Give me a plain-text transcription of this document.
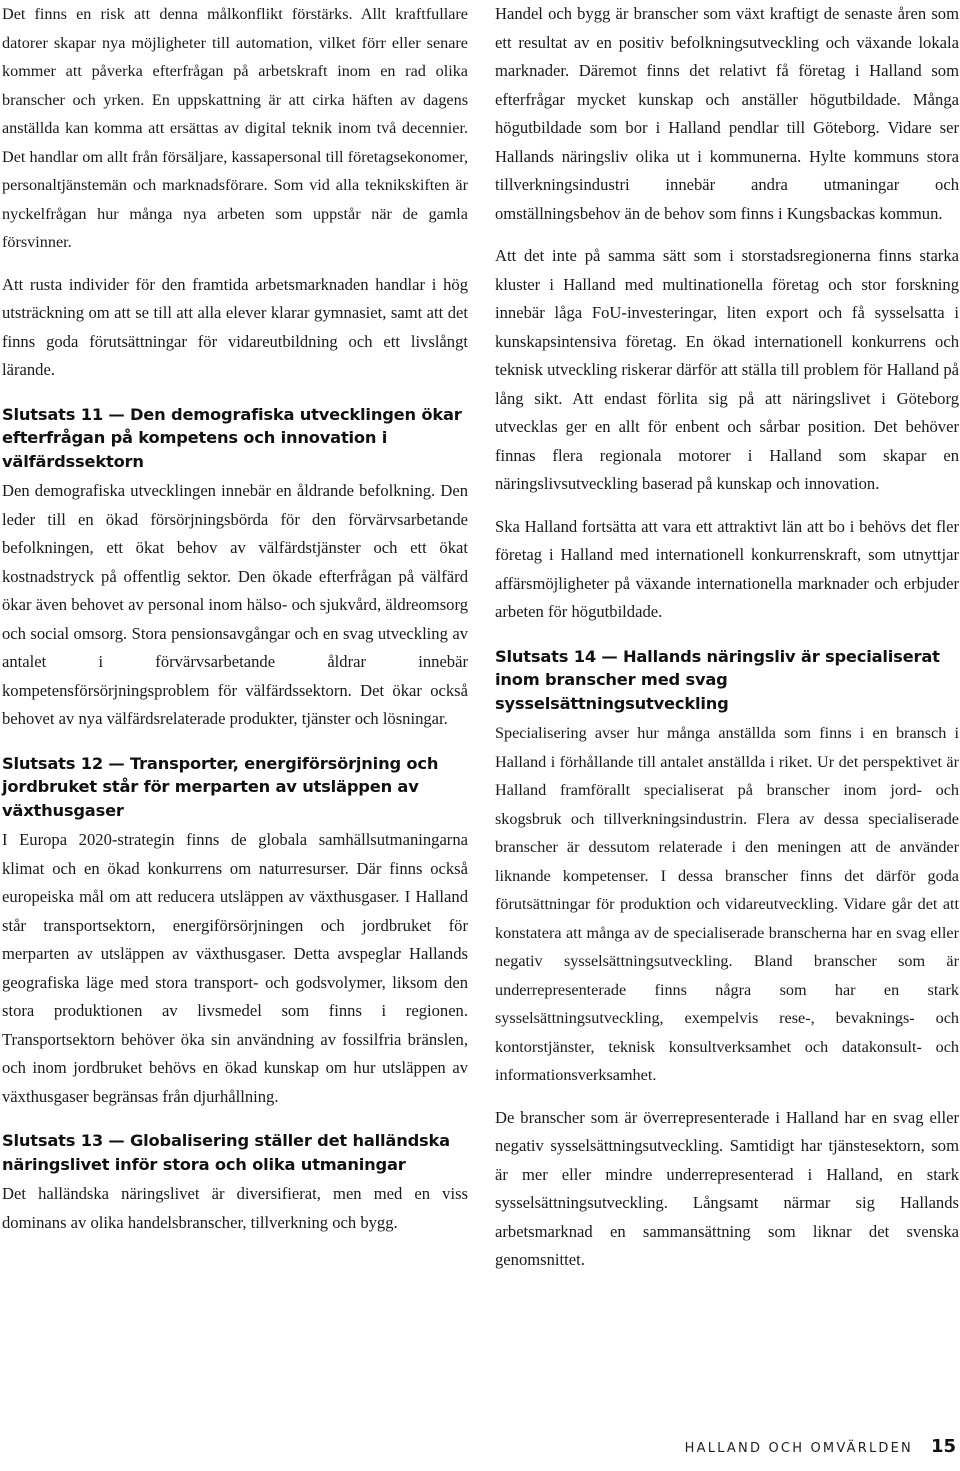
Det finns en risk att denna målkonflikt förstärks. Allt kraftfullare datorer skapar nya möjligheter till automation, vilket förr eller senare kommer att påverka efterfrågan på arbetskraft inom en rad olika branscher och yrken. En uppskattning är att cirka häften av dagens anställda kan komma att ersättas av digital teknik inom två decennier. Det handlar om allt från försäljare, kassapersonal till företagsekonomer, personaltjänstemän och marknadsförare. Som vid alla teknikskiften är nyckelfrågan hur många nya arbeten som uppstår när de gamla försvinner.

Att rusta individer för den framtida arbetsmarknaden handlar i hög utsträckning om att se till att alla elever klarar gymnasiet, samt att det finns goda förutsättningar för vidareutbildning och ett livslångt lärande.

Slutsats 11 — Den demografiska utvecklingen ökar efterfrågan på kompetens och innovation i välfärdssektorn

Den demografiska utvecklingen innebär en åldrande befolkning. Den leder till en ökad försörjningsbörda för den förvärvsarbetande befolkningen, ett ökat behov av välfärdstjänster och ett ökat kostnadstryck på offentlig sektor. Den ökade efterfrågan på välfärd ökar även behovet av personal inom hälso- och sjukvård, äldreomsorg och social omsorg. Stora pensionsavgångar och en svag utveckling av antalet i förvärvsarbetande åldrar innebär kompetensförsörjningsproblem för välfärdssektorn. Det ökar också behovet av nya välfärdsrelaterade produkter, tjänster och lösningar.

Slutsats 12 — Transporter, energiförsörjning och jordbruket står för merparten av utsläppen av växthusgaser

I Europa 2020-strategin finns de globala samhällsutmaningarna klimat och en ökad konkurrens om naturresurser. Där finns också europeiska mål om att reducera utsläppen av växthusgaser. I Halland står transportsektorn, energiförsörjningen och jordbruket för merparten av utsläppen av växthusgaser. Detta avspeglar Hallands geografiska läge med stora transport- och godsvolymer, liksom den stora produktionen av livsmedel som finns i regionen. Transportsektorn behöver öka sin användning av fossilfria bränslen, och inom jordbruket behövs en ökad kunskap om hur utsläppen av växthusgaser begränsas från djurhållning.

Slutsats 13 — Globalisering ställer det halländska näringslivet inför stora och olika utmaningar

Det halländska näringslivet är diversifierat, men med en viss dominans av olika handelsbranscher, tillverkning och bygg.

Handel och bygg är branscher som växt kraftigt de senaste åren som ett resultat av en positiv befolkningsutveckling och växande lokala marknader. Däremot finns det relativt få företag i Halland som efterfrågar mycket kunskap och anställer högutbildade. Många högutbildade som bor i Halland pendlar till Göteborg. Vidare ser Hallands näringsliv olika ut i kommunerna. Hylte kommuns stora tillverkningsindustri innebär andra utmaningar och omställningsbehov än de behov som finns i Kungsbackas kommun.

Att det inte på samma sätt som i storstadsregionerna finns starka kluster i Halland med multinationella företag och stor forskning innebär låga FoU-investeringar, liten export och få sysselsatta i kunskapsintensiva företag. En ökad internationell konkurrens och teknisk utveckling riskerar därför att ställa till problem för Halland på lång sikt. Att endast förlita sig på att näringslivet i Göteborg utvecklas ger en allt för enbent och sårbar position. Det behöver finnas flera regionala motorer i Halland som skapar en näringslivsutveckling baserad på kunskap och innovation.

Ska Halland fortsätta att vara ett attraktivt län att bo i behövs det fler företag i Halland med internationell konkurrenskraft, som utnyttjar affärsmöjligheter på växande internationella marknader och erbjuder arbeten för högutbildade.

Slutsats 14 — Hallands näringsliv är specialiserat inom branscher med svag sysselsättningsutveckling

Specialisering avser hur många anställda som finns i en bransch i Halland i förhållande till antalet anställda i riket. Ur det perspektivet är Halland framförallt specialiserat på branscher inom jord- och skogsbruk och tillverkningsindustrin. Flera av dessa specialiserade branscher är dessutom relaterade i den meningen att de använder liknande kompetenser. I dessa branscher finns det därför goda förutsättningar för produktion och vidareutveckling. Vidare går det att konstatera att många av de specialiserade branscherna har en svag eller negativ sysselsättningsutveckling. Bland branscher som är underrepresenterade finns några som har en stark sysselsättningsutveckling, exempelvis rese-, bevaknings- och kontorstjänster, teknisk konsultverksamhet och datakonsult- och informationsverksamhet.

De branscher som är överrepresenterade i Halland har en svag eller negativ sysselsättningsutveckling. Samtidigt har tjänstesektorn, som är mer eller mindre underrepresenterad i Halland, en stark sysselsättningsutveckling. Långsamt närmar sig Hallands arbetsmarknad en sammansättning som liknar det svenska genomsnittet.

HALLAND OCH OMVÄRLDEN 15
